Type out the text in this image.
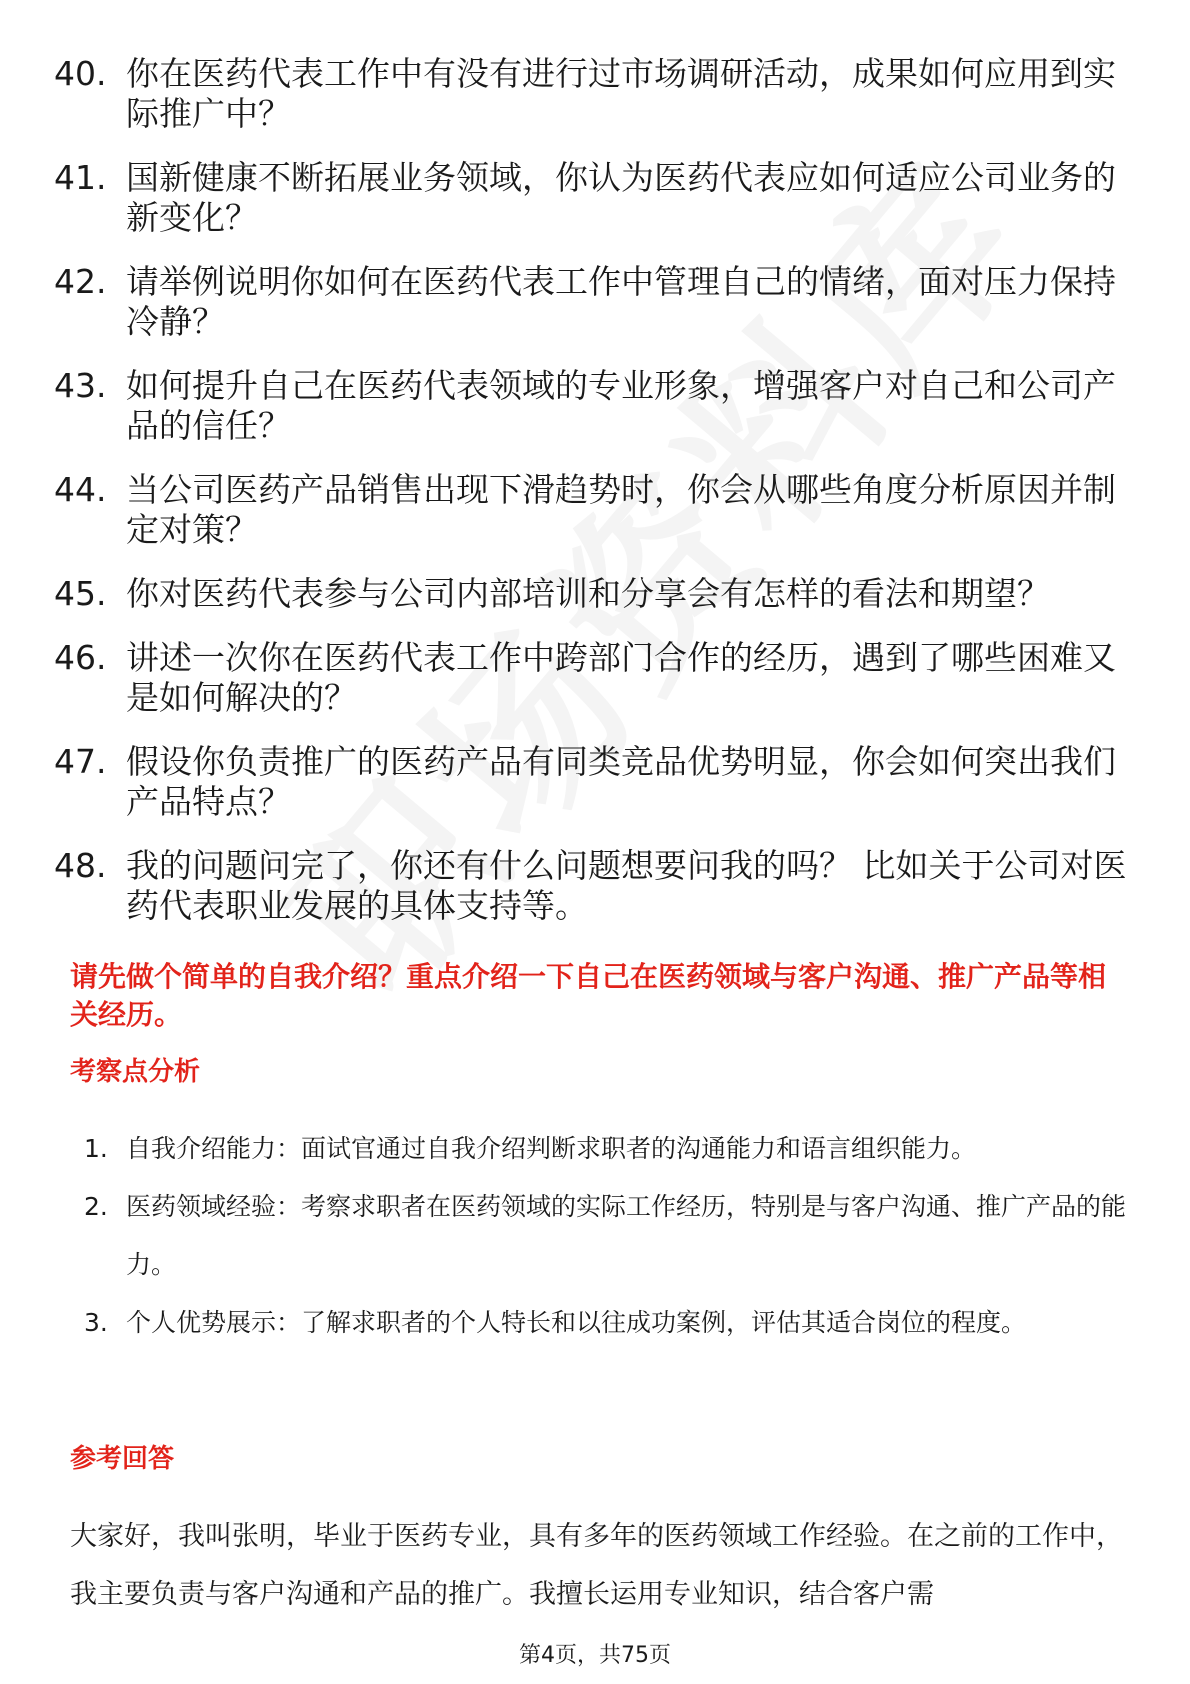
40. 你在医药代表工作中有没有进行过市场调研活动，成果如何应用到实际推广中？
41. 国新健康不断拓展业务领域，你认为医药代表应如何适应公司业务的新变化？
42. 请举例说明你如何在医药代表工作中管理自己的情绪，面对压力保持冷静？
43. 如何提升自己在医药代表领域的专业形象，增强客户对自己和公司产品的信任？
44. 当公司医药产品销售出现下滑趋势时，你会从哪些角度分析原因并制定对策？
45. 你对医药代表参与公司内部培训和分享会有怎样的看法和期望？
46. 讲述一次你在医药代表工作中跨部门合作的经历，遇到了哪些困难又是如何解决的？
47. 假设你负责推广的医药产品有同类竞品优势明显，你会如何突出我们产品特点？
48. 我的问题问完了，你还有什么问题想要问我的吗？ 比如关于公司对医药代表职业发展的具体支持等。
请先做个简单的自我介绍？重点介绍一下自己在医药领域与客户沟通、推广产品等相关经历。
考察点分析
1. 自我介绍能力：面试官通过自我介绍判断求职者的沟通能力和语言组织能力。
2. 医药领域经验：考察求职者在医药领域的实际工作经历，特别是与客户沟通、推广产品的能力。
3. 个人优势展示：了解求职者的个人特长和以往成功案例，评估其适合岗位的程度。
参考回答
大家好，我叫张明，毕业于医药专业，具有多年的医药领域工作经验。在之前的工作中，我主要负责与客户沟通和产品的推广。我擅长运用专业知识，结合客户需
第4页，共75页
